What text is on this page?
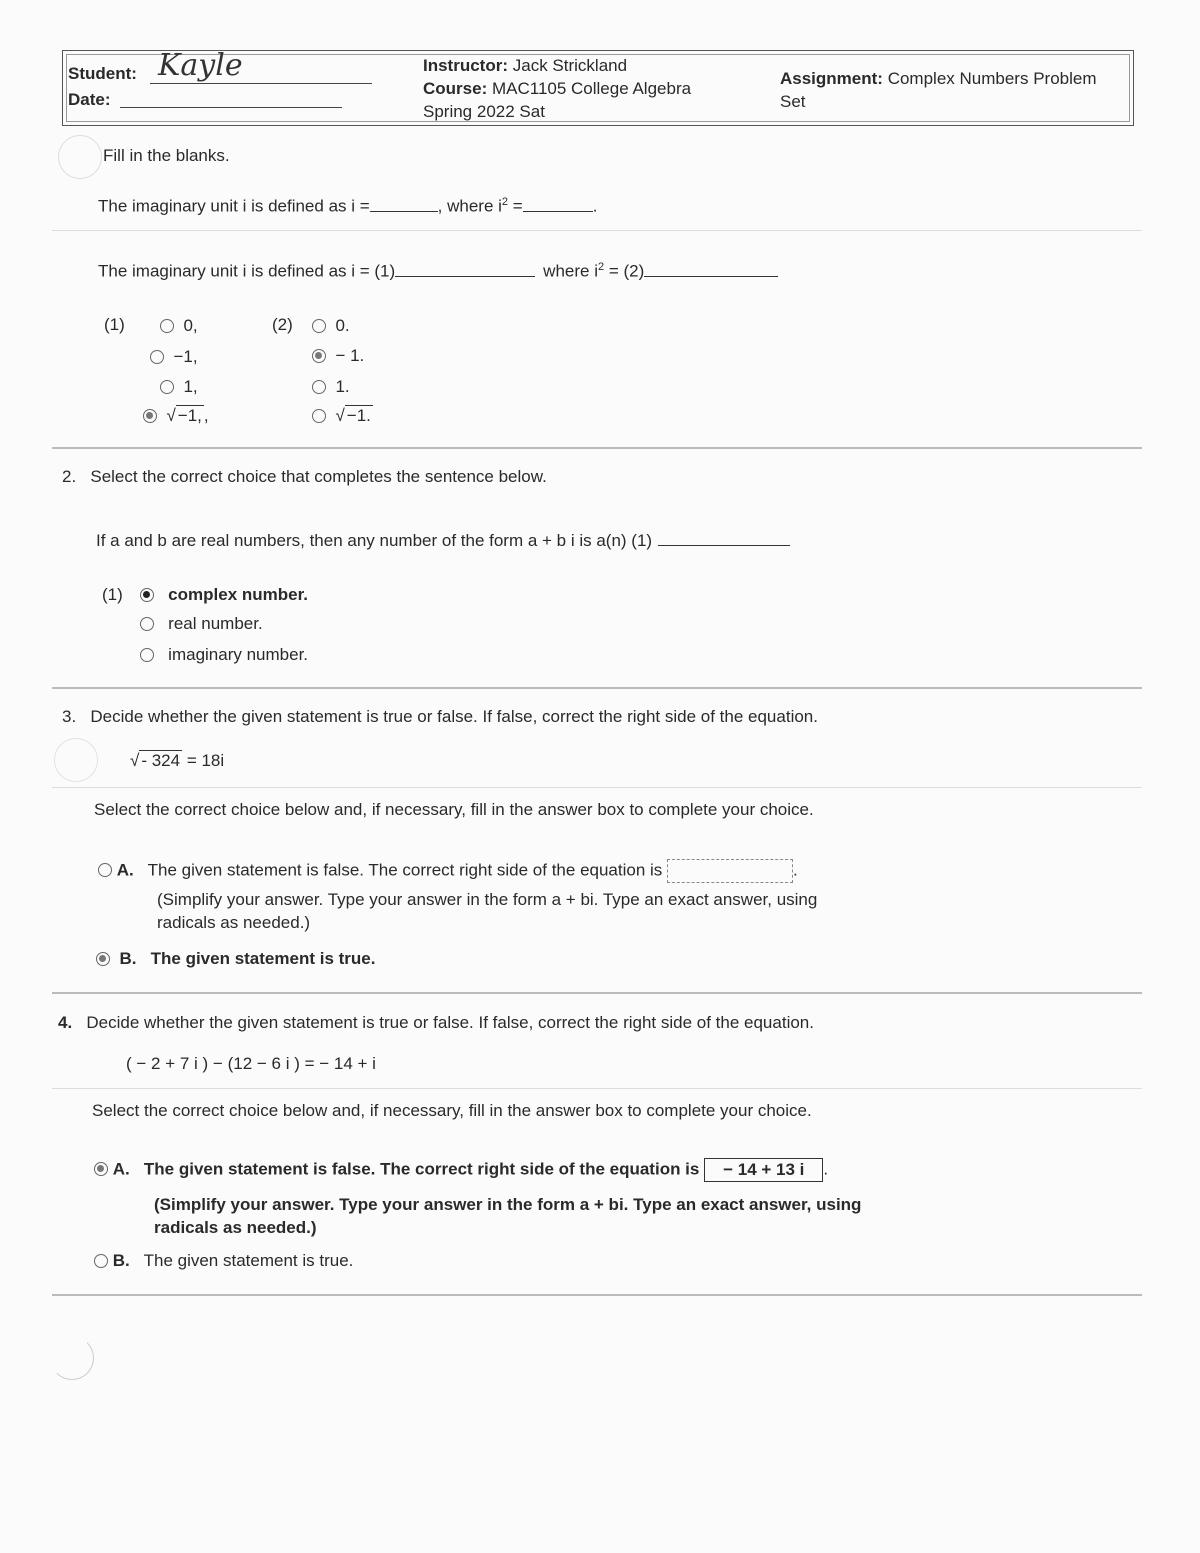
Student: Kayle
Date:
Instructor: Jack Strickland
Course: MAC1105 College Algebra
Spring 2022 Sat
Assignment: Complex Numbers Problem
Set
Fill in the blanks.
The imaginary unit i is defined as i =	, where $i^2$ =	.
The imaginary unit i is defined as i = (1)	where $i^2 = (2)$
(1)	0,
−1,
1,
√ −1, ,
(2)	0.
− 1.
1.
√ −1.
2. Select the correct choice that completes the sentence below.
If a and b are real numbers, then any number of the form a + b i is a(n) (1)
(1)	complex number.
real number.
imaginary number.
3. Decide whether the given statement is true or false. If false, correct the right side of the equation.
√ - 324 = 18i
Select the correct choice below and, if necessary, fill in the answer box to complete your choice.
A. The given statement is false. The correct right side of the equation is	.
(Simplify your answer. Type your answer in the form a + bi. Type an exact answer, using
radicals as needed.)
B. The given statement is true.
4. Decide whether the given statement is true or false. If false, correct the right side of the equation.
( − 2 + 7 i ) − (12 − 6 i ) = − 14 + i
Select the correct choice below and, if necessary, fill in the answer box to complete your choice.
A. The given statement is false. The correct right side of the equation is − 14 + 13 i .
(Simplify your answer. Type your answer in the form a + bi. Type an exact answer, using
radicals as needed.)
B. The given statement is true.
